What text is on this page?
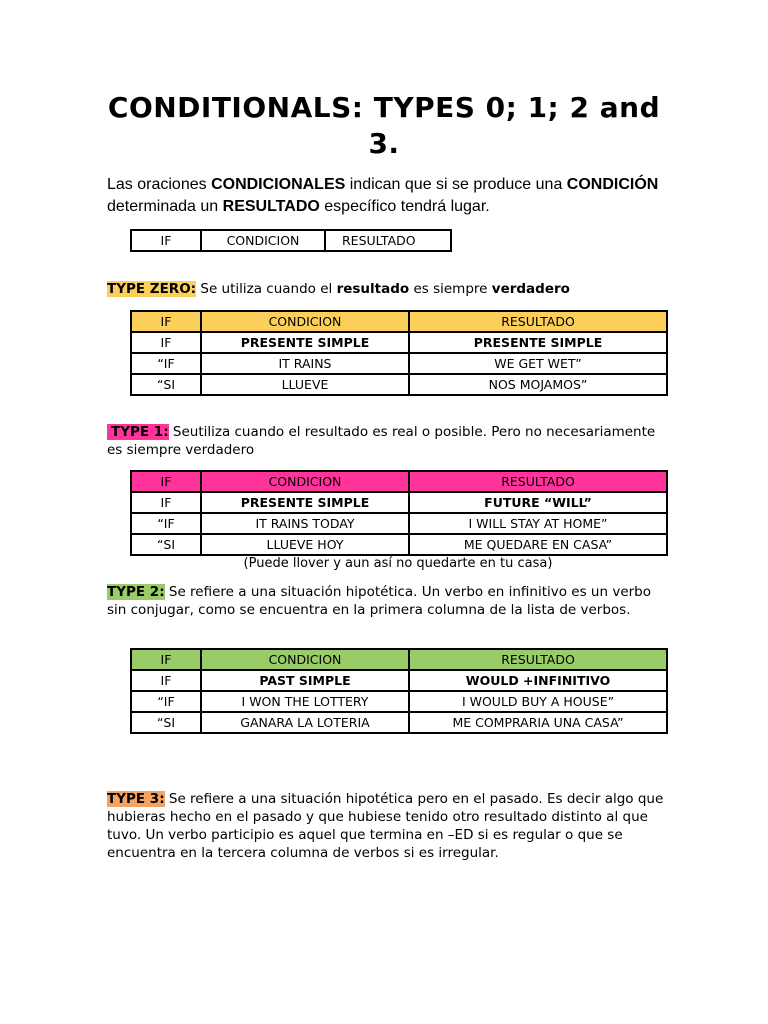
CONDITIONALS: TYPES 0; 1; 2 and 3.
Las oraciones CONDICIONALES indican que si se produce una CONDICIÓN determinada un RESULTADO específico tendrá lugar.
IF	CONDICION	RESULTADO
TYPE ZERO: Se utiliza cuando el resultado es siempre verdadero
IF	CONDICION	RESULTADO
IF	PRESENTE SIMPLE	PRESENTE SIMPLE
“IF	IT RAINS	WE GET WET”
“SI	LLUEVE	NOS MOJAMOS”
TYPE 1: Seutiliza cuando el resultado es real o posible. Pero no necesariamente es siempre verdadero
IF	CONDICION	RESULTADO
IF	PRESENTE SIMPLE	FUTURE “WILL”
“IF	IT RAINS TODAY	I WILL STAY AT HOME”
“SI	LLUEVE HOY	ME QUEDARE EN CASA”
(Puede llover y aun así no quedarte en tu casa)
TYPE 2: Se refiere a una situación hipotética. Un verbo en infinitivo es un verbo sin conjugar, como se encuentra en la primera columna de la lista de verbos.
IF	CONDICION	RESULTADO
IF	PAST SIMPLE	WOULD +INFINITIVO
“IF	I WON THE LOTTERY	I WOULD BUY A HOUSE”
“SI	GANARA LA LOTERIA	ME COMPRARIA UNA CASA”
TYPE 3: Se refiere a una situación hipotética pero en el pasado. Es decir algo que hubieras hecho en el pasado y que hubiese tenido otro resultado distinto al que tuvo. Un verbo participio es aquel que termina en –ED si es regular o que se encuentra en la tercera columna de verbos si es irregular.
